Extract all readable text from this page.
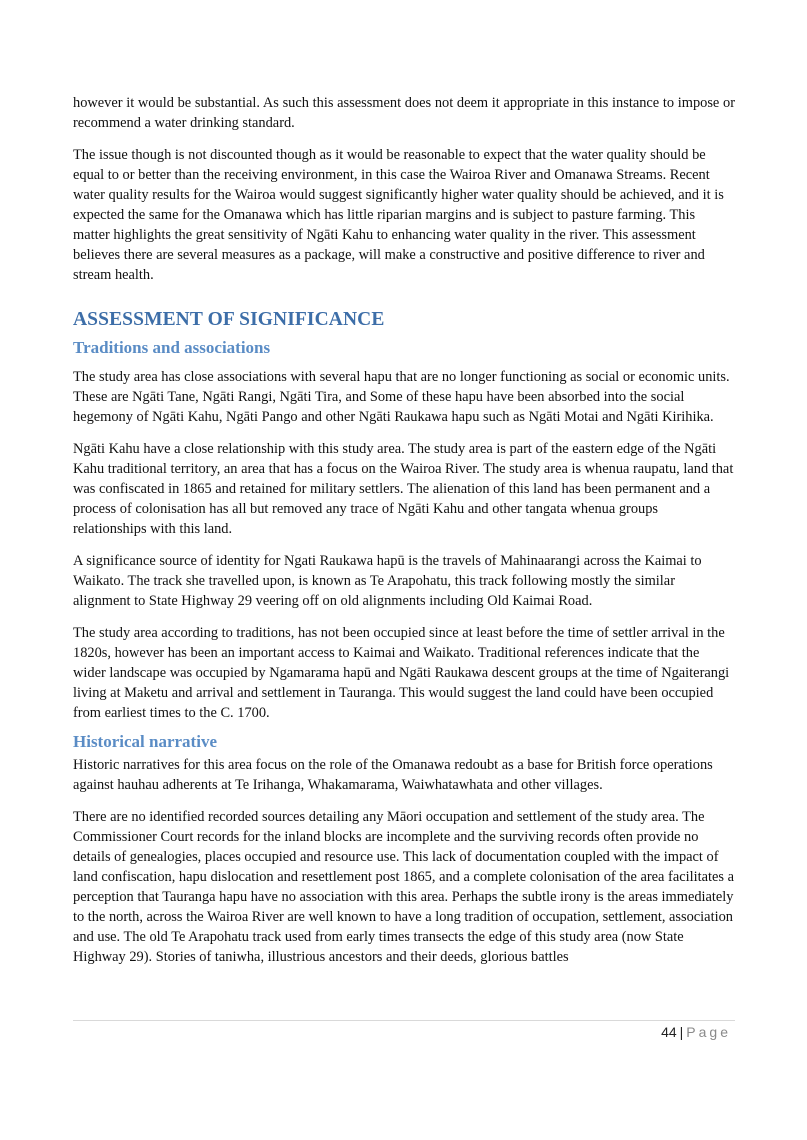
however it would be substantial. As such this assessment does not deem it appropriate in this instance to impose or recommend a water drinking standard.

The issue though is not discounted though as it would be reasonable to expect that the water quality should be equal to or better than the receiving environment, in this case the Wairoa River and Omanawa Streams. Recent water quality results for the Wairoa would suggest significantly higher water quality should be achieved, and it is expected the same for the Omanawa which has little riparian margins and is subject to pasture farming. This matter highlights the great sensitivity of Ngāti Kahu to enhancing water quality in the river. This assessment believes there are several measures as a package, will make a constructive and positive difference to river and stream health.

ASSESSMENT OF SIGNIFICANCE
Traditions and associations

The study area has close associations with several hapu that are no longer functioning as social or economic units. These are Ngāti Tane, Ngāti Rangi, Ngāti Tira, and Some of these hapu have been absorbed into the social hegemony of Ngāti Kahu, Ngāti Pango and other Ngāti Raukawa hapu such as Ngāti Motai and Ngāti Kirihika.

Ngāti Kahu have a close relationship with this study area. The study area is part of the eastern edge of the Ngāti Kahu traditional territory, an area that has a focus on the Wairoa River. The study area is whenua raupatu, land that was confiscated in 1865 and retained for military settlers. The alienation of this land has been permanent and a process of colonisation has all but removed any trace of Ngāti Kahu and other tangata whenua groups relationships with this land.

A significance source of identity for Ngati Raukawa hapū is the travels of Mahinaarangi across the Kaimai to Waikato. The track she travelled upon, is known as Te Arapohatu, this track following mostly the similar alignment to State Highway 29 veering off on old alignments including Old Kaimai Road.

The study area according to traditions, has not been occupied since at least before the time of settler arrival in the 1820s, however has been an important access to Kaimai and Waikato. Traditional references indicate that the wider landscape was occupied by Ngamarama hapū and Ngāti Raukawa descent groups at the time of Ngaiterangi living at Maketu and arrival and settlement in Tauranga. This would suggest the land could have been occupied from earliest times to the C. 1700.

Historical narrative

Historic narratives for this area focus on the role of the Omanawa redoubt as a base for British force operations against hauhau adherents at Te Irihanga, Whakamarama, Waiwhatawhata and other villages.

There are no identified recorded sources detailing any Māori occupation and settlement of the study area. The Commissioner Court records for the inland blocks are incomplete and the surviving records often provide no details of genealogies, places occupied and resource use. This lack of documentation coupled with the impact of land confiscation, hapu dislocation and resettlement post 1865, and a complete colonisation of the area facilitates a perception that Tauranga hapu have no association with this area. Perhaps the subtle irony is the areas immediately to the north, across the Wairoa River are well known to have a long tradition of occupation, settlement, association and use. The old Te Arapohatu track used from early times transects the edge of this study area (now State Highway 29). Stories of taniwha, illustrious ancestors and their deeds, glorious battles

44 | Page
